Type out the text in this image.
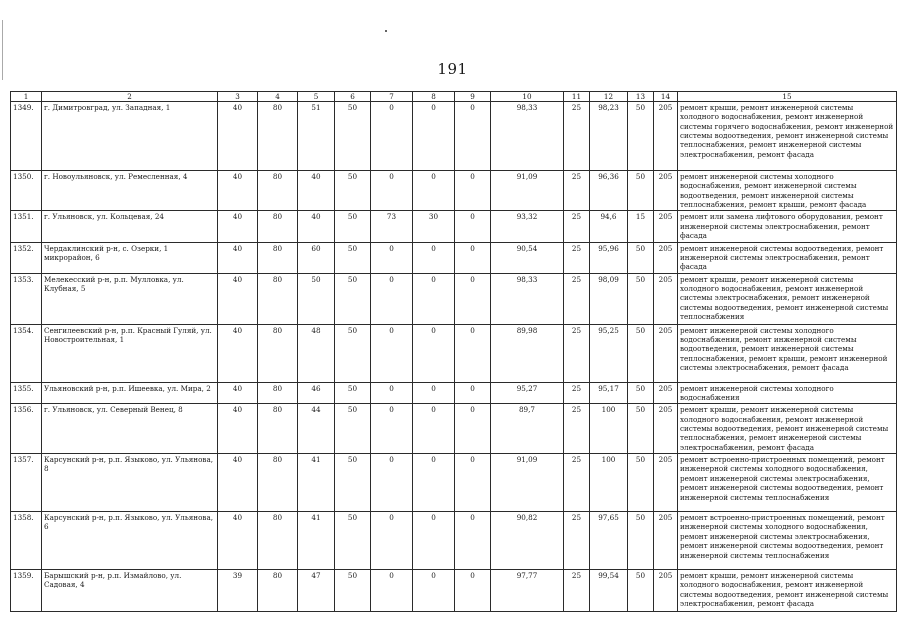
191
1	2	3	4	5	6	7	8	9	10	11	12	13	14	15
1349.	г. Димитровград, ул. Западная, 1	40	80	51	50	0	0	0	98,33	25	98,23	50	205	ремонт крыши, ремонт инженерной системы холодного водоснабжения, ремонт инженерной системы горячего водоснабжения, ремонт инженерной системы водоотведения, ремонт инженерной системы теплоснабжения, ремонт инженерной системы электроснабжения, ремонт фасада
1350.	г. Новоульяновск, ул. Ремесленная, 4	40	80	40	50	0	0	0	91,09	25	96,36	50	205	ремонт инженерной системы холодного водоснабжения, ремонт инженерной системы водоотведения, ремонт инженерной системы теплоснабжения, ремонт крыши, ремонт фасада
1351.	г. Ульяновск, ул. Кольцевая, 24	40	80	40	50	73	30	0	93,32	25	94,6	15	205	ремонт или замена лифтового оборудования, ремонт инженерной системы электроснабжения, ремонт фасада
1352.	Чердаклинский р-н, с. Озерки, 1 микрорайон, 6	40	80	60	50	0	0	0	90,54	25	95,96	50	205	ремонт инженерной системы водоотведения, ремонт инженерной системы электроснабжения, ремонт фасада
1353.	Мелекесский р-н, р.п. Мулловка, ул. Клубная, 5	40	80	50	50	0	0	0	98,33	25	98,09	50	205	ремонт крыши, ремонт инженерной системы холодного водоснабжения, ремонт инженерной системы электроснабжения, ремонт инженерной системы водоотведения, ремонт инженерной системы теплоснабжения
1354.	Сенгилеевский р-н, р.п. Красный Гуляй, ул. Новостроительная, 1	40	80	48	50	0	0	0	89,98	25	95,25	50	205	ремонт инженерной системы холодного водоснабжения, ремонт инженерной системы водоотведения, ремонт инженерной системы теплоснабжения, ремонт крыши, ремонт инженерной системы электроснабжения, ремонт фасада
1355.	Ульяновский р-н, р.п. Ишеевка, ул. Мира, 2	40	80	46	50	0	0	0	95,27	25	95,17	50	205	ремонт инженерной системы холодного водоснабжения
1356.	г. Ульяновск, ул. Северный Венец, 8	40	80	44	50	0	0	0	89,7	25	100	50	205	ремонт крыши, ремонт инженерной системы холодного водоснабжения, ремонт инженерной системы водоотведения, ремонт инженерной системы теплоснабжения, ремонт инженерной системы электроснабжения, ремонт фасада
1357.	Карсунский р-н, р.п. Языково, ул. Ульянова, 8	40	80	41	50	0	0	0	91,09	25	100	50	205	ремонт встроенно-пристроенных помещений, ремонт инженерной системы холодного водоснабжения, ремонт инженерной системы электроснабжения, ремонт инженерной системы водоотведения, ремонт инженерной системы теплоснабжения
1358.	Карсунский р-н, р.п. Языково, ул. Ульянова, 6	40	80	41	50	0	0	0	90,82	25	97,65	50	205	ремонт встроенно-пристроенных помещений, ремонт инженерной системы холодного водоснабжения, ремонт инженерной системы электроснабжения, ремонт инженерной системы водоотведения, ремонт инженерной системы теплоснабжения
1359.	Барышский р-н, р.п. Измайлово, ул. Садовая, 4	39	80	47	50	0	0	0	97,77	25	99,54	50	205	ремонт крыши, ремонт инженерной системы холодного водоснабжения, ремонт инженерной системы водоотведения, ремонт инженерной системы электроснабжения, ремонт фасада
